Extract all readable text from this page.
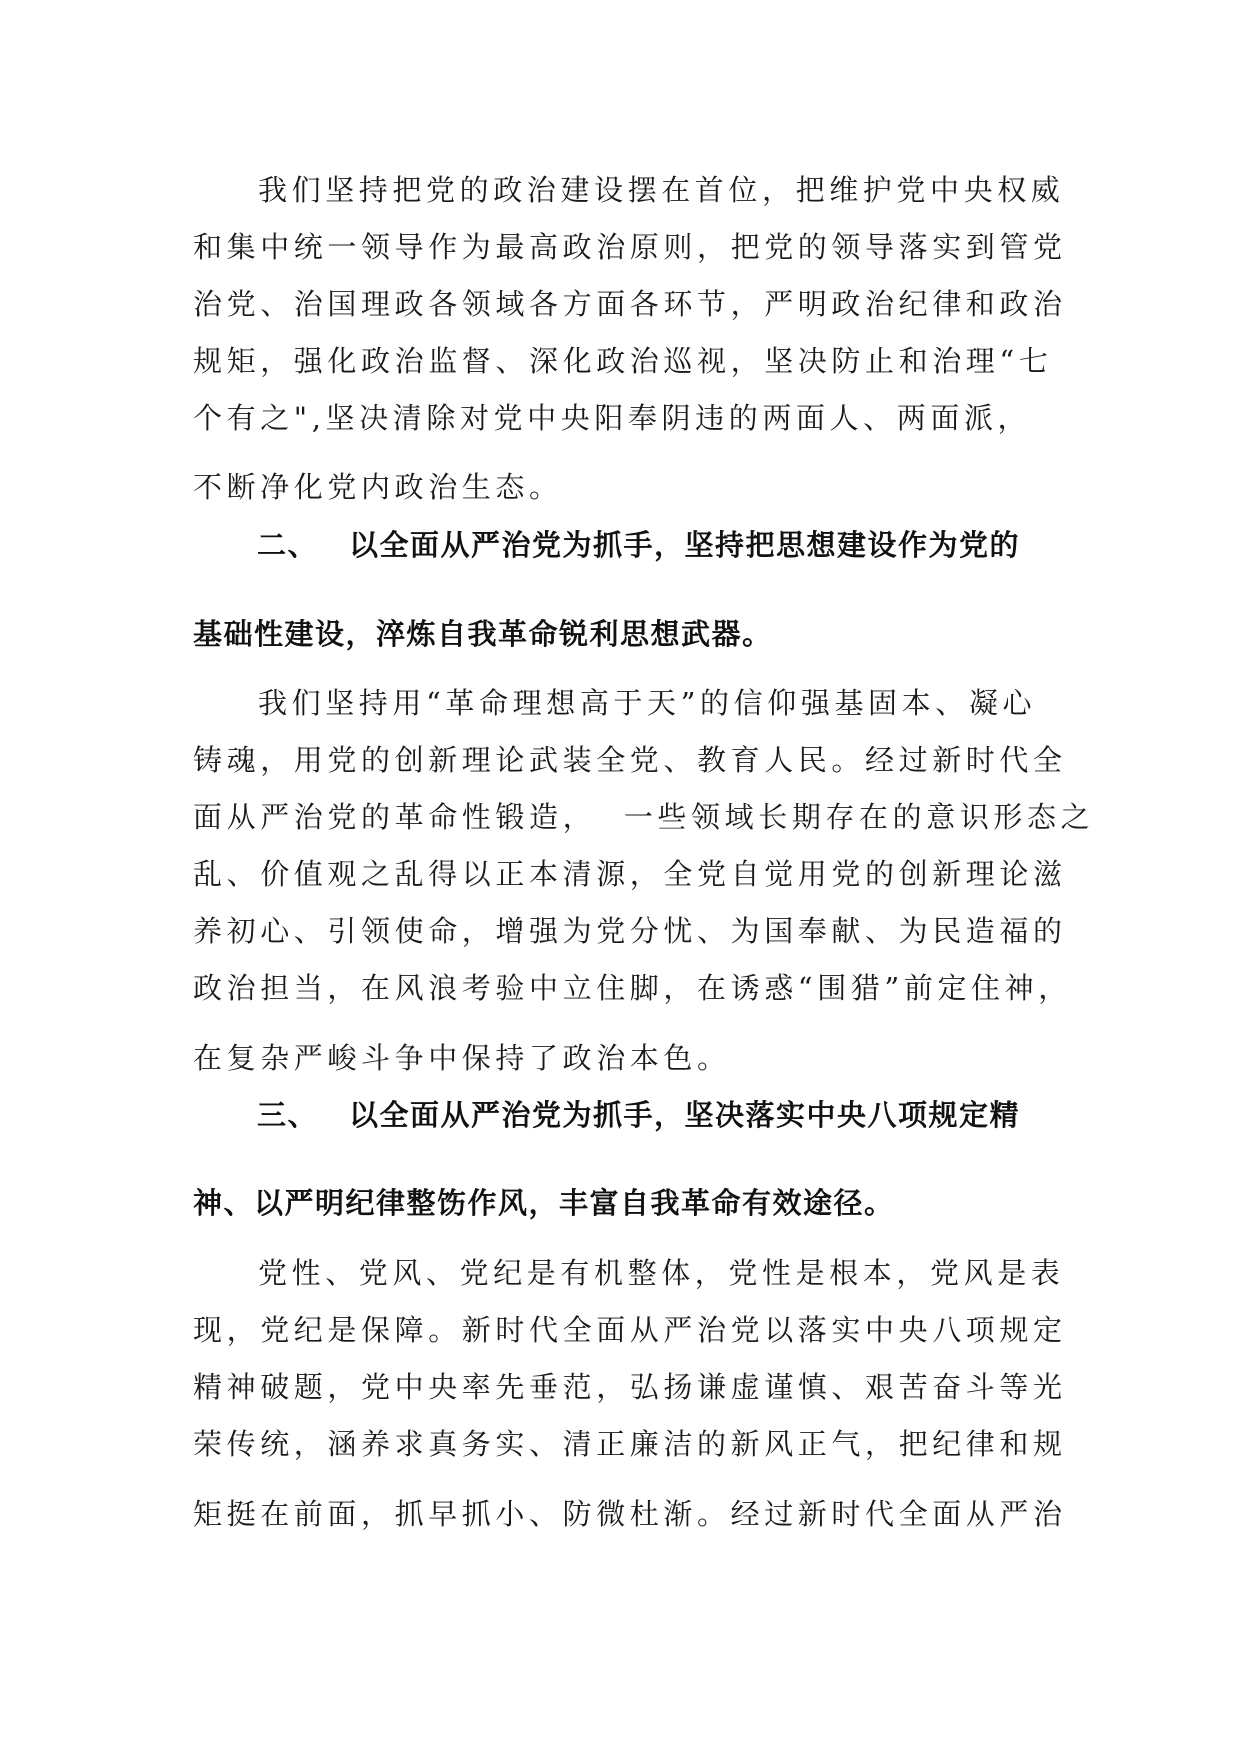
我们坚持把党的政治建设摆在首位，把维护党中央权威
和集中统一领导作为最高政治原则，把党的领导落实到管党
治党、治国理政各领域各方面各环节，严明政治纪律和政治
规矩，强化政治监督、深化政治巡视，坚决防止和治理“七
个有之",坚决清除对党中央阳奉阴违的两面人、两面派，
不断净化党内政治生态。
二、 以全面从严治党为抓手，坚持把思想建设作为党的
基础性建设，淬炼自我革命锐利思想武器。
我们坚持用“革命理想高于天”的信仰强基固本、凝心
铸魂，用党的创新理论武装全党、教育人民。经过新时代全
面从严治党的革命性锻造，  一些领域长期存在的意识形态之
乱、价值观之乱得以正本清源，全党自觉用党的创新理论滋
养初心、引领使命，增强为党分忧、为国奉献、为民造福的
政治担当，在风浪考验中立住脚，在诱惑“围猎”前定住神，
在复杂严峻斗争中保持了政治本色。
三、 以全面从严治党为抓手，坚决落实中央八项规定精
神、以严明纪律整饬作风，丰富自我革命有效途径。
党性、党风、党纪是有机整体，党性是根本，党风是表
现，党纪是保障。新时代全面从严治党以落实中央八项规定
精神破题，党中央率先垂范，弘扬谦虚谨慎、艰苦奋斗等光
荣传统，涵养求真务实、清正廉洁的新风正气，把纪律和规
矩挺在前面，抓早抓小、防微杜渐。经过新时代全面从严治
